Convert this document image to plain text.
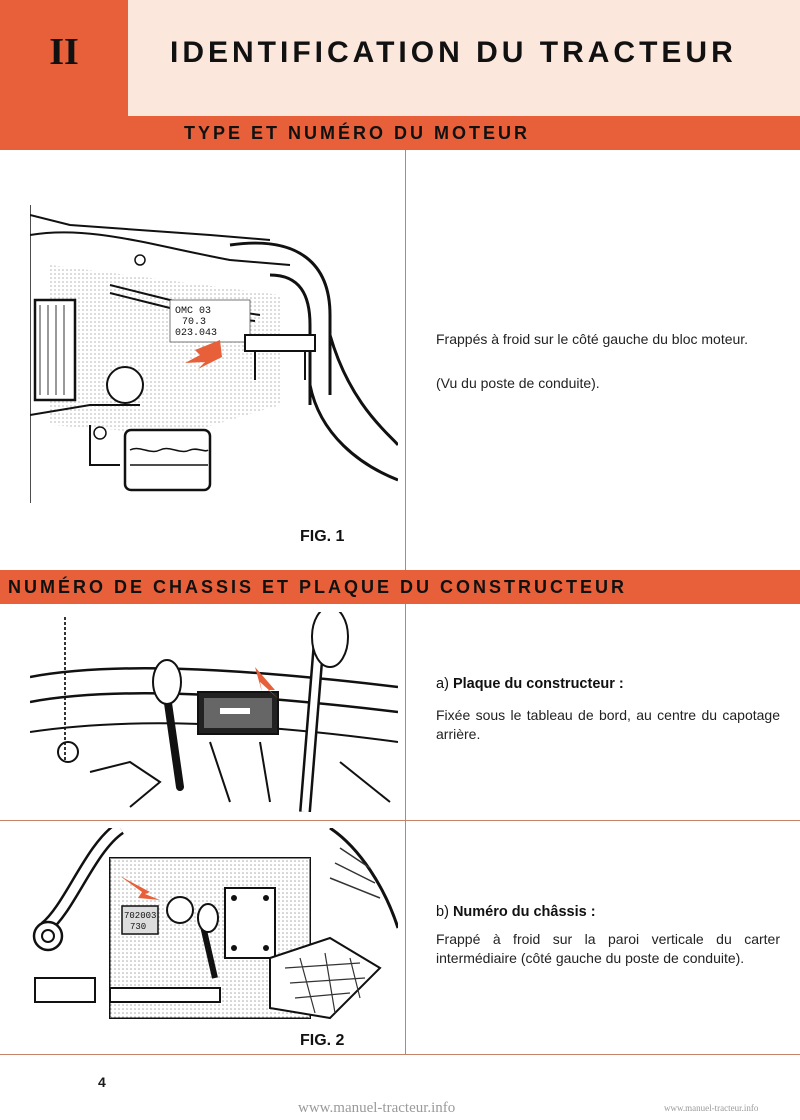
II	IDENTIFICATION DU TRACTEUR
TYPE ET NUMÉRO DU MOTEUR
OMC 03
70.3
023.043
FIG. 1
Frappés à froid sur le côté gauche du bloc moteur.
(Vu du poste de conduite).
NUMÉRO DE CHASSIS ET PLAQUE DU CONSTRUCTEUR
a) Plaque du constructeur :
Fixée sous le tableau de bord, au centre du capotage arrière.
702003
730
FIG. 2
b) Numéro du châssis :
Frappé à froid sur la paroi verticale du carter intermédiaire (côté gauche du poste de conduite).
4
www.manuel-tracteur.info	www.manuel-tracteur.info
